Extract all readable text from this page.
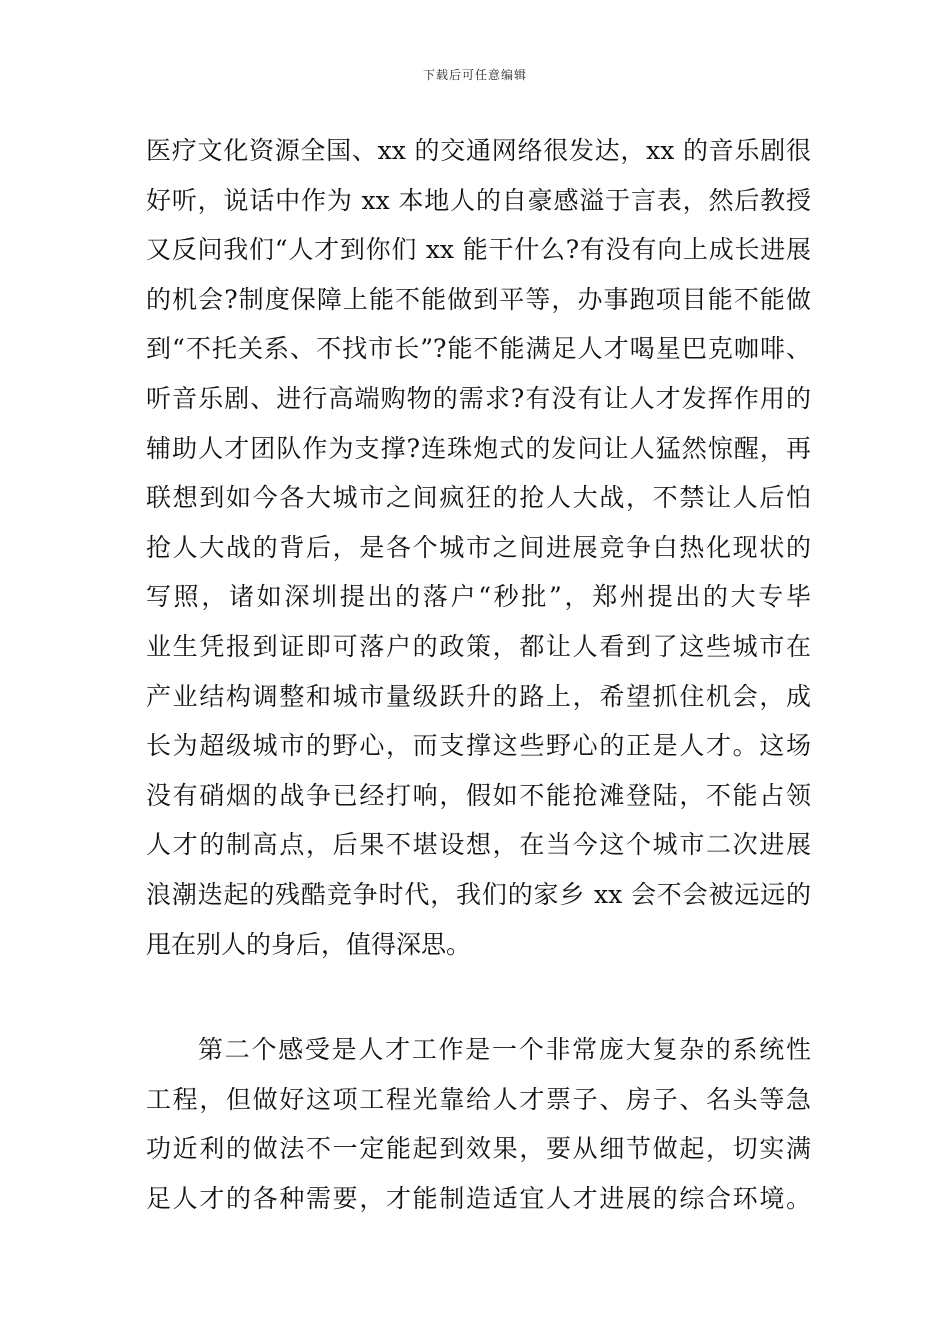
下载后可任意编辑
医疗文化资源全国、xx 的交通网络很发达，xx 的音乐剧很
好听，说话中作为 xx 本地人的自豪感溢于言表，然后教授
又反问我们“人才到你们 xx 能干什么?有没有向上成长进展
的机会?制度保障上能不能做到平等，办事跑项目能不能做
到“不托关系、不找市长”?能不能满足人才喝星巴克咖啡、
听音乐剧、进行高端购物的需求?有没有让人才发挥作用的
辅助人才团队作为支撑?连珠炮式的发问让人猛然惊醒，再
联想到如今各大城市之间疯狂的抢人大战，不禁让人后怕
抢人大战的背后，是各个城市之间进展竞争白热化现状的
写照，诸如深圳提出的落户“秒批”，郑州提出的大专毕
业生凭报到证即可落户的政策，都让人看到了这些城市在
产业结构调整和城市量级跃升的路上，希望抓住机会，成
长为超级城市的野心，而支撑这些野心的正是人才。这场
没有硝烟的战争已经打响，假如不能抢滩登陆，不能占领
人才的制高点，后果不堪设想，在当今这个城市二次进展
浪潮迭起的残酷竞争时代，我们的家乡 xx 会不会被远远的
甩在别人的身后，值得深思。
第二个感受是人才工作是一个非常庞大复杂的系统性
工程，但做好这项工程光靠给人才票子、房子、名头等急
功近利的做法不一定能起到效果，要从细节做起，切实满
足人才的各种需要，才能制造适宜人才进展的综合环境。
